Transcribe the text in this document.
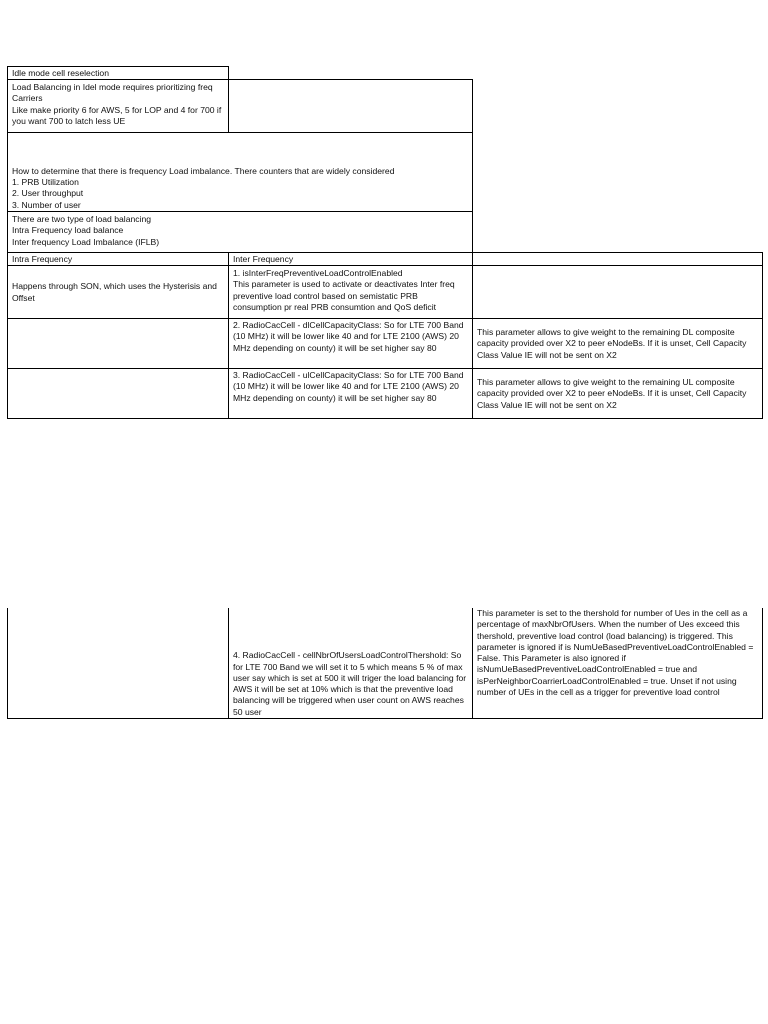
Idle mode cell reselection
Load Balancing in Idel mode requires prioritizing freq Carriers
Like make priority 6 for AWS, 5 for LOP and 4 for 700 if you want 700 to latch less UE
How to determine that there is frequency Load imbalance. There counters that are widely considered
1. PRB Utilization
2. User throughput
3. Number of user
There are two type of load balancing
Intra Frequency load balance
Inter frequency Load Imbalance (IFLB)
Intra Frequency	Inter Frequency
Happens through SON, which uses the Hysterisis and Offset
1. isInterFreqPreventiveLoadControlEnabled
This parameter is used to activate or deactivates Inter freq preventive load control based on semistatic PRB consumption pr real PRB consumtion and QoS deficit
2. RadioCacCell - dlCellCapacityClass: So for LTE 700 Band (10 MHz) it will be lower like 40 and for LTE 2100 (AWS) 20 MHz depending on county) it will be set higher say 80
This parameter allows to give weight to the remaining DL composite capacity provided over X2 to peer eNodeBs. If it is unset, Cell Capacity Class Value IE will not be sent on X2
3. RadioCacCell - ulCellCapacityClass: So for LTE 700 Band (10 MHz) it will be lower like 40 and for LTE 2100 (AWS) 20 MHz depending on county) it will be set higher say 80
This parameter allows to give weight to the remaining UL composite capacity provided over X2 to peer eNodeBs. If it is unset, Cell Capacity Class Value IE will not be sent on X2
4. RadioCacCell - cellNbrOfUsersLoadControlThershold: So for LTE 700 Band we will set it to 5 which means 5 % of max user say which is set at 500 it will triger the load balancing for AWS it will be set at 10% which is that the preventive load balancing will be triggered when user count on AWS reaches 50 user
This parameter is set to the thershold for number of Ues in the cell as a percentage of maxNbrOfUsers. When the number of Ues exceed this thershold, preventive load control (load balancing) is triggered. This parameter is ignored if is NumUeBasedPreventiveLoadControlEnabled = False. This Parameter is also ignored if isNumUeBasedPreventiveLoadControlEnabled = true and isPerNeighborCoarrierLoadControlEnabled = true. Unset if not using number of UEs in the cell as a trigger for preventive load control
